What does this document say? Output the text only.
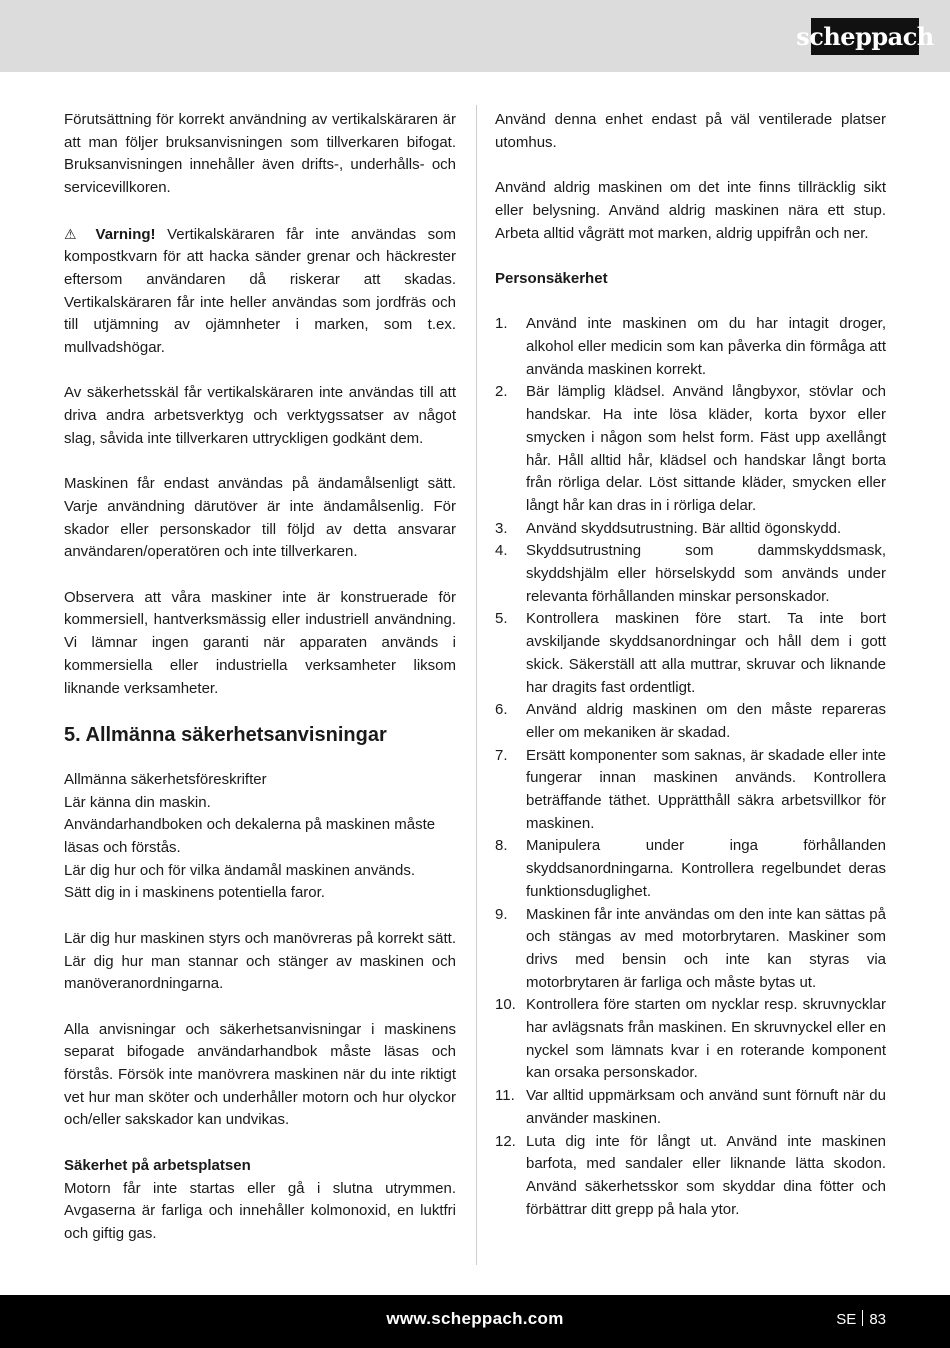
scheppach

Förutsättning för korrekt användning av vertikalskäraren är att man följer bruksanvisningen som tillverkaren bifogat. Bruksanvisningen innehåller även drifts-, underhålls- och servicevillkoren.

⚠ Varning! Vertikalskäraren får inte användas som kompostkvarn för att hacka sänder grenar och häckrester eftersom användaren då riskerar att skadas. Vertikalskäraren får inte heller användas som jordfräs och till utjämning av ojämnheter i marken, som t.ex. mullvadshögar.

Av säkerhetsskäl får vertikalskäraren inte användas till att driva andra arbetsverktyg och verktygssatser av något slag, såvida inte tillverkaren uttryckligen godkänt dem.

Maskinen får endast användas på ändamålsenligt sätt. Varje användning därutöver är inte ändamålsenlig. För skador eller personskador till följd av detta ansvarar användaren/operatören och inte tillverkaren.

Observera att våra maskiner inte är konstruerade för kommersiell, hantverksmässig eller industriell användning. Vi lämnar ingen garanti när apparaten används i kommersiella eller industriella verksamheter liksom liknande verksamheter.

5. Allmänna säkerhetsanvisningar

Allmänna säkerhetsföreskrifter
Lär känna din maskin.
Användarhandboken och dekalerna på maskinen måste läsas och förstås.
Lär dig hur och för vilka ändamål maskinen används.
Sätt dig in i maskinens potentiella faror.

Lär dig hur maskinen styrs och manövreras på korrekt sätt. Lär dig hur man stannar och stänger av maskinen och manöveranordningarna.

Alla anvisningar och säkerhetsanvisningar i maskinens separat bifogade användarhandbok måste läsas och förstås. Försök inte manövrera maskinen när du inte riktigt vet hur man sköter och underhåller motorn och hur olyckor och/eller sakskador kan undvikas.

Säkerhet på arbetsplatsen

Motorn får inte startas eller gå i slutna utrymmen. Avgaserna är farliga och innehåller kolmonoxid, en luktfri och giftig gas.

Använd denna enhet endast på väl ventilerade platser utomhus.

Använd aldrig maskinen om det inte finns tillräcklig sikt eller belysning. Använd aldrig maskinen nära ett stup. Arbeta alltid vågrätt mot marken, aldrig uppifrån och ner.

Personsäkerhet

1. Använd inte maskinen om du har intagit droger, alkohol eller medicin som kan påverka din förmåga att använda maskinen korrekt.
2. Bär lämplig klädsel. Använd långbyxor, stövlar och handskar. Ha inte lösa kläder, korta byxor eller smycken i någon som helst form. Fäst upp axellångt hår. Håll alltid hår, klädsel och handskar långt borta från rörliga delar. Löst sittande kläder, smycken eller långt hår kan dras in i rörliga delar.
3. Använd skyddsutrustning. Bär alltid ögonskydd.
4. Skyddsutrustning som dammskyddsmask, skyddshjälm eller hörselskydd som används under relevanta förhållanden minskar personskador.
5. Kontrollera maskinen före start. Ta inte bort avskiljande skyddsanordningar och håll dem i gott skick. Säkerställ att alla muttrar, skruvar och liknande har dragits fast ordentligt.
6. Använd aldrig maskinen om den måste repareras eller om mekaniken är skadad.
7. Ersätt komponenter som saknas, är skadade eller inte fungerar innan maskinen används. Kontrollera beträffande täthet. Upprätthåll säkra arbetsvillkor för maskinen.
8. Manipulera under inga förhållanden skyddsanordningarna. Kontrollera regelbundet deras funktionsduglighet.
9. Maskinen får inte användas om den inte kan sättas på och stängas av med motorbrytaren. Maskiner som drivs med bensin och inte kan styras via motorbrytaren är farliga och måste bytas ut.
10. Kontrollera före starten om nycklar resp. skruvnycklar har avlägsnats från maskinen. En skruvnyckel eller en nyckel som lämnats kvar i en roterande komponent kan orsaka personskador.
11. Var alltid uppmärksam och använd sunt förnuft när du använder maskinen.
12. Luta dig inte för långt ut. Använd inte maskinen barfota, med sandaler eller liknande lätta skodon. Använd säkerhetsskor som skyddar dina fötter och förbättrar ditt grepp på hala ytor.
www.scheppach.com	SE 83
